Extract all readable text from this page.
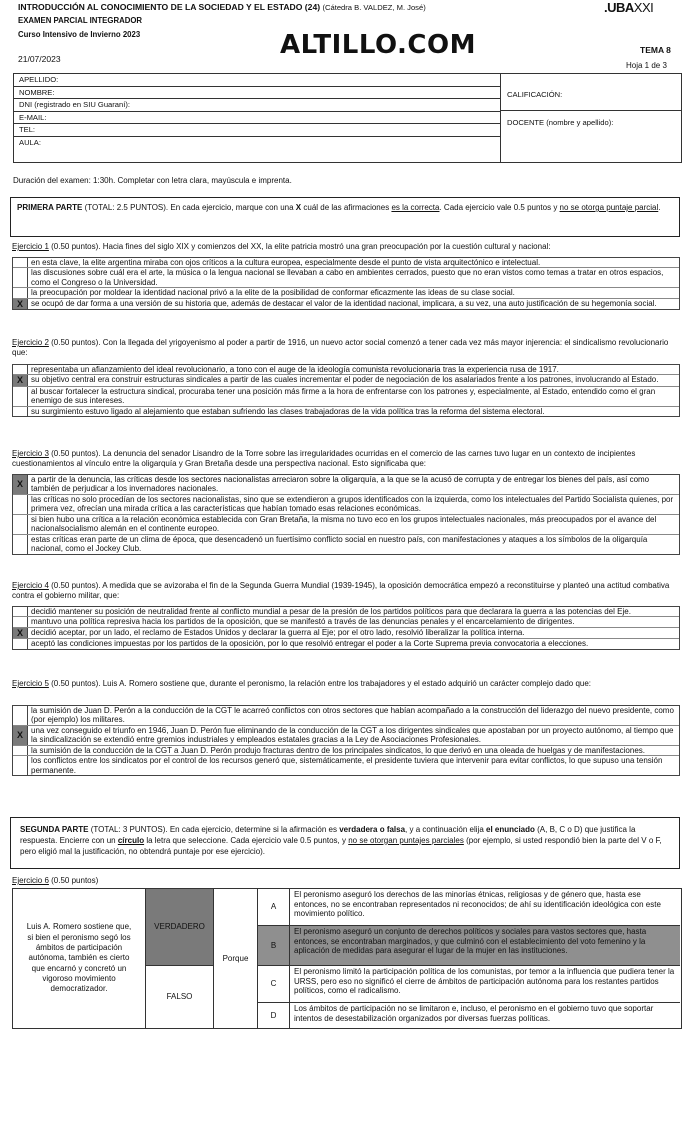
INTRODUCCIÓN AL CONOCIMIENTO DE LA SOCIEDAD Y EL ESTADO (24) (Cátedra B. VALDEZ, M. José)
EXAMEN PARCIAL INTEGRADOR
Curso Intensivo de Invierno 2023
21/07/2023	ALTILLO.COM
.UBAXXI
TEMA 8
Hoja 1 de 3
APELLIDO:
NOMBRE:
DNI (registrado en SIU Guaraní):
E-MAIL:
TEL:
AULA:
CALIFICACIÓN:
DOCENTE (nombre y apellido):
Duración del examen: 1:30h. Completar con letra clara, mayúscula e imprenta.
PRIMERA PARTE (TOTAL: 2.5 PUNTOS). En cada ejercicio, marque con una X cuál de las afirmaciones es la correcta. Cada ejercicio vale 0.5 puntos y no se otorga puntaje parcial.
Ejercicio 1 (0.50 puntos). Hacia fines del siglo XIX y comienzos del XX, la elite patricia mostró una gran preocupación por la cuestión cultural y nacional:
en esta clave, la elite argentina miraba con ojos críticos a la cultura europea, especialmente desde el punto de vista arquitectónico e intelectual.
las discusiones sobre cuál era el arte, la música o la lengua nacional se llevaban a cabo en ambientes cerrados, puesto que no eran vistos como temas a tratar en otros espacios, como el Congreso o la Universidad.
la preocupación por moldear la identidad nacional privó a la elite de la posibilidad de conformar eficazmente las ideas de su clase social.
X	se ocupó de dar forma a una versión de su historia que, además de destacar el valor de la identidad nacional, implicara, a su vez, una auto justificación de su hegemonía social.
Ejercicio 2 (0.50 puntos). Con la llegada del yrigoyenismo al poder a partir de 1916, un nuevo actor social comenzó a tener cada vez más mayor injerencia: el sindicalismo revolucionario que:
representaba un afianzamiento del ideal revolucionario, a tono con el auge de la ideología comunista revolucionaria tras la experiencia rusa de 1917.
X	su objetivo central era construir estructuras sindicales a partir de las cuales incrementar el poder de negociación de los asalariados frente a los patrones, involucrando al Estado.
al buscar fortalecer la estructura sindical, procuraba tener una posición más firme a la hora de enfrentarse con los patrones y, especialmente, al Estado, entendido como el gran enemigo de sus intereses.
su surgimiento estuvo ligado al alejamiento que estaban sufriendo las clases trabajadoras de la vida política tras la reforma del sistema electoral.
Ejercicio 3 (0.50 puntos). La denuncia del senador Lisandro de la Torre sobre las irregularidades ocurridas en el comercio de las carnes tuvo lugar en un contexto de incipientes cuestionamientos al vínculo entre la oligarquía y Gran Bretaña desde una perspectiva nacional. Esto significaba que:
X	a partir de la denuncia, las críticas desde los sectores nacionalistas arreciaron sobre la oligarquía, a la que se la acusó de corrupta y de entregar los bienes del país, así como también de perjudicar a los invernadores nacionales.
las críticas no solo procedían de los sectores nacionalistas, sino que se extendieron a grupos identificados con la izquierda, como los intelectuales del Partido Socialista quienes, por primera vez, ofrecían una mirada crítica a las características que habían tomado esas relaciones económicas.
si bien hubo una crítica a la relación económica establecida con Gran Bretaña, la misma no tuvo eco en los grupos intelectuales nacionales, más preocupados por el avance del nacionalsocialismo alemán en el continente europeo.
estas críticas eran parte de un clima de época, que desencadenó un fuertísimo conflicto social en nuestro país, con manifestaciones y ataques a los símbolos de la oligarquía nacional, como el Jockey Club.
Ejercicio 4 (0.50 puntos). A medida que se avizoraba el fin de la Segunda Guerra Mundial (1939-1945), la oposición democrática empezó a reconstituirse y planteó una actitud combativa contra el gobierno militar, que:
decidió mantener su posición de neutralidad frente al conflicto mundial a pesar de la presión de los partidos políticos para que declarara la guerra a las potencias del Eje.
mantuvo una política represiva hacia los partidos de la oposición, que se manifestó a través de las denuncias penales y el encarcelamiento de dirigentes.
X	decidió aceptar, por un lado, el reclamo de Estados Unidos y declarar la guerra al Eje; por el otro lado, resolvió liberalizar la política interna.
aceptó las condiciones impuestas por los partidos de la oposición, por lo que resolvió entregar el poder a la Corte Suprema previa convocatoria a elecciones.
Ejercicio 5 (0.50 puntos). Luis A. Romero sostiene que, durante el peronismo, la relación entre los trabajadores y el estado adquirió un carácter complejo dado que:
la sumisión de Juan D. Perón a la conducción de la CGT le acarreó conflictos con otros sectores que habían acompañado a la construcción del liderazgo del nuevo presidente, como (por ejemplo) los militares.
X	una vez conseguido el triunfo en 1946, Juan D. Perón fue eliminando de la conducción de la CGT a los dirigentes sindicales que apostaban por un proyecto autónomo, al tiempo que la sindicalización se extendió entre gremios industriales y empleados estatales gracias a la Ley de Asociaciones Profesionales.
la sumisión de la conducción de la CGT a Juan D. Perón produjo fracturas dentro de los principales sindicatos, lo que derivó en una oleada de huelgas y de manifestaciones.
los conflictos entre los sindicatos por el control de los recursos generó que, sistemáticamente, el presidente tuviera que intervenir para evitar conflictos, lo que supuso una tensión permanente.
SEGUNDA PARTE (TOTAL: 3 PUNTOS). En cada ejercicio, determine si la afirmación es verdadera o falsa, y a continuación elija el enunciado (A, B, C o D) que justifica la respuesta. Encierre con un círculo la letra que seleccione. Cada ejercicio vale 0.5 puntos, y no se otorgan puntajes parciales (por ejemplo, si usted respondió bien la parte del V o F, pero eligió mal la justificación, no obtendrá puntaje por ese ejercicio).
Ejercicio 6 (0.50 puntos)
Luis A. Romero sostiene que, si bien el peronismo segó los ámbitos de participación autónoma, también es cierto que encarnó y concretó un vigoroso movimiento democratizador.
VERDADERO
FALSO
Porque
A
El peronismo aseguró los derechos de las minorías étnicas, religiosas y de género que, hasta ese entonces, no se encontraban representados ni reconocidos; de ahí su identificación ideológica con este movimiento político.
B
El peronismo aseguró un conjunto de derechos políticos y sociales para vastos sectores que, hasta entonces, se encontraban marginados, y que culminó con el establecimiento del voto femenino y la aplicación de medidas para asegurar el lugar de la mujer en las instituciones.
C
El peronismo limitó la participación política de los comunistas, por temor a la influencia que pudiera tener la URSS, pero eso no significó el cierre de ámbitos de participación autónoma para los restantes partidos políticos, como el radicalismo.
D
Los ámbitos de participación no se limitaron e, incluso, el peronismo en el gobierno tuvo que soportar intentos de desestabilización organizados por diversas fuerzas políticas.
